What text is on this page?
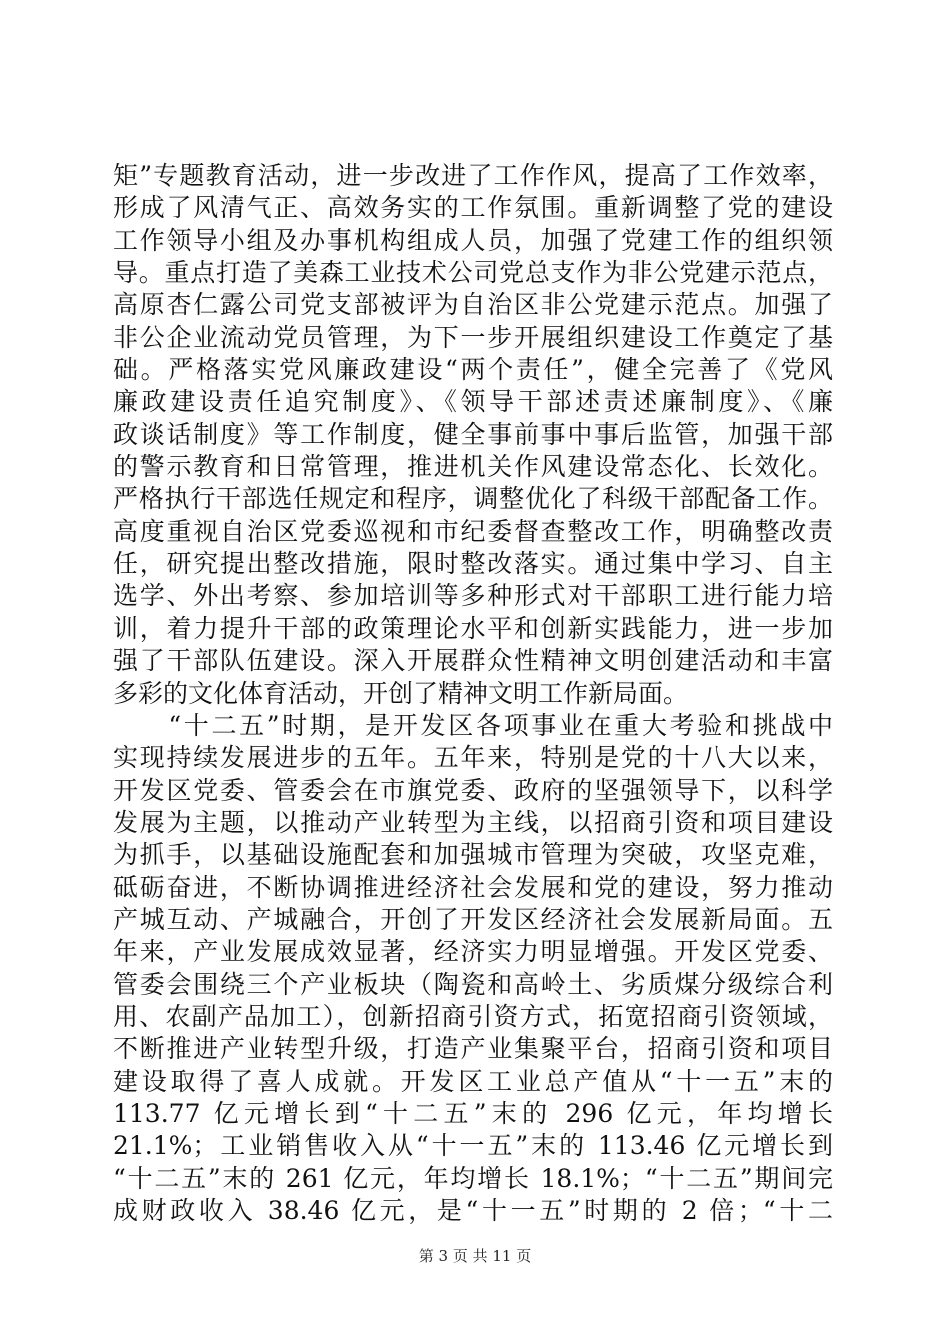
矩”专题教育活动，进一步改进了工作作风，提高了工作效率，
形成了风清气正、高效务实的工作氛围。重新调整了党的建设
工作领导小组及办事机构组成人员，加强了党建工作的组织领
导。重点打造了美森工业技术公司党总支作为非公党建示范点，
高原杏仁露公司党支部被评为自治区非公党建示范点。加强了
非公企业流动党员管理，为下一步开展组织建设工作奠定了基
础。严格落实党风廉政建设“两个责任”，健全完善了《党风
廉政建设责任追究制度》、《领导干部述责述廉制度》、《廉
政谈话制度》等工作制度，健全事前事中事后监管，加强干部
的警示教育和日常管理，推进机关作风建设常态化、长效化。
严格执行干部选任规定和程序，调整优化了科级干部配备工作。
高度重视自治区党委巡视和市纪委督查整改工作，明确整改责
任，研究提出整改措施，限时整改落实。通过集中学习、自主
选学、外出考察、参加培训等多种形式对干部职工进行能力培
训，着力提升干部的政策理论水平和创新实践能力，进一步加
强了干部队伍建设。深入开展群众性精神文明创建活动和丰富
多彩的文化体育活动，开创了精神文明工作新局面。
　　“十二五”时期，是开发区各项事业在重大考验和挑战中
实现持续发展进步的五年。五年来，特别是党的十八大以来，
开发区党委、管委会在市旗党委、政府的坚强领导下，以科学
发展为主题，以推动产业转型为主线，以招商引资和项目建设
为抓手，以基础设施配套和加强城市管理为突破，攻坚克难，
砥砺奋进，不断协调推进经济社会发展和党的建设，努力推动
产城互动、产城融合，开创了开发区经济社会发展新局面。五
年来，产业发展成效显著，经济实力明显增强。开发区党委、
管委会围绕三个产业板块（陶瓷和高岭土、劣质煤分级综合利
用、农副产品加工），创新招商引资方式，拓宽招商引资领域，
不断推进产业转型升级，打造产业集聚平台，招商引资和项目
建设取得了喜人成就。开发区工业总产值从“十一五”末的
113.77 亿元增长到“十二五”末的 296 亿元，年均增长
21.1%；工业销售收入从“十一五”末的 113.46 亿元增长到
“十二五”末的 261 亿元，年均增长 18.1%；“十二五”期间完
成财政收入 38.46 亿元，是“十一五”时期的 2 倍；“十二
第 3 页 共 11 页
